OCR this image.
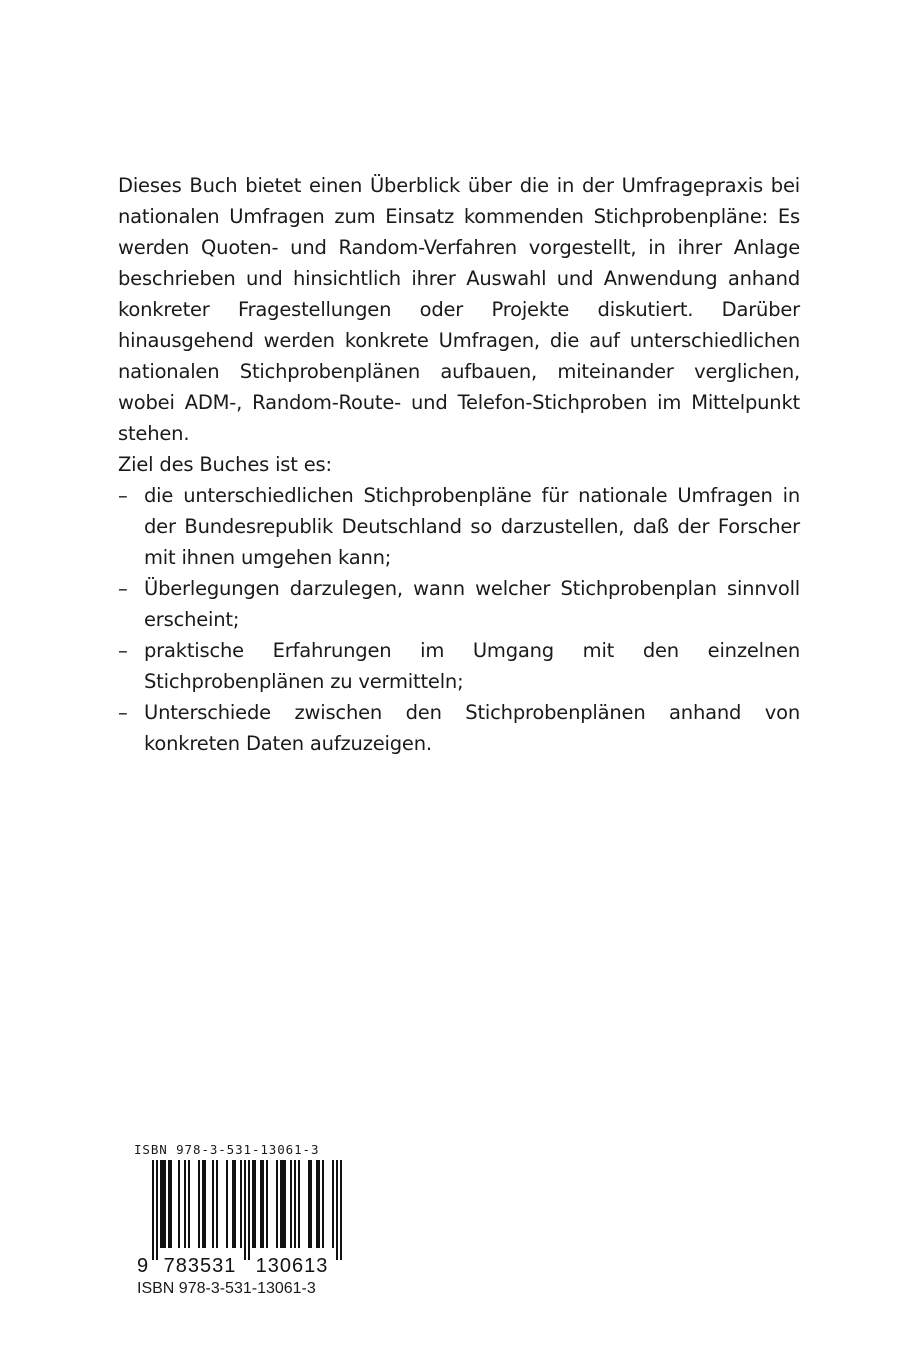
Dieses Buch bietet einen Überblick über die in der Umfragepraxis bei nationalen Umfragen zum Einsatz kommenden Stichprobenpläne: Es werden Quoten- und Random-Verfahren vorgestellt, in ihrer Anlage beschrieben und hinsichtlich ihrer Auswahl und Anwendung anhand konkreter Fragestellungen oder Projekte diskutiert. Darüber hinausgehend werden konkrete Umfragen, die auf unterschiedlichen nationalen Stichprobenplänen aufbauen, miteinander verglichen, wobei ADM-, Random-Route- und Telefon-Stichproben im Mittelpunkt stehen.

Ziel des Buches ist es:

– die unterschiedlichen Stichprobenpläne für nationale Umfragen in der Bundesrepublik Deutschland so darzustellen, daß der Forscher mit ihnen umgehen kann;
– Überlegungen darzulegen, wann welcher Stichprobenplan sinnvoll erscheint;
– praktische Erfahrungen im Umgang mit den einzelnen Stichprobenplänen zu vermitteln;
– Unterschiede zwischen den Stichprobenplänen anhand von konkreten Daten aufzuzeigen.
ISBN 978-3-531-13061-3
9 783531 130613
ISBN 978-3-531-13061-3
